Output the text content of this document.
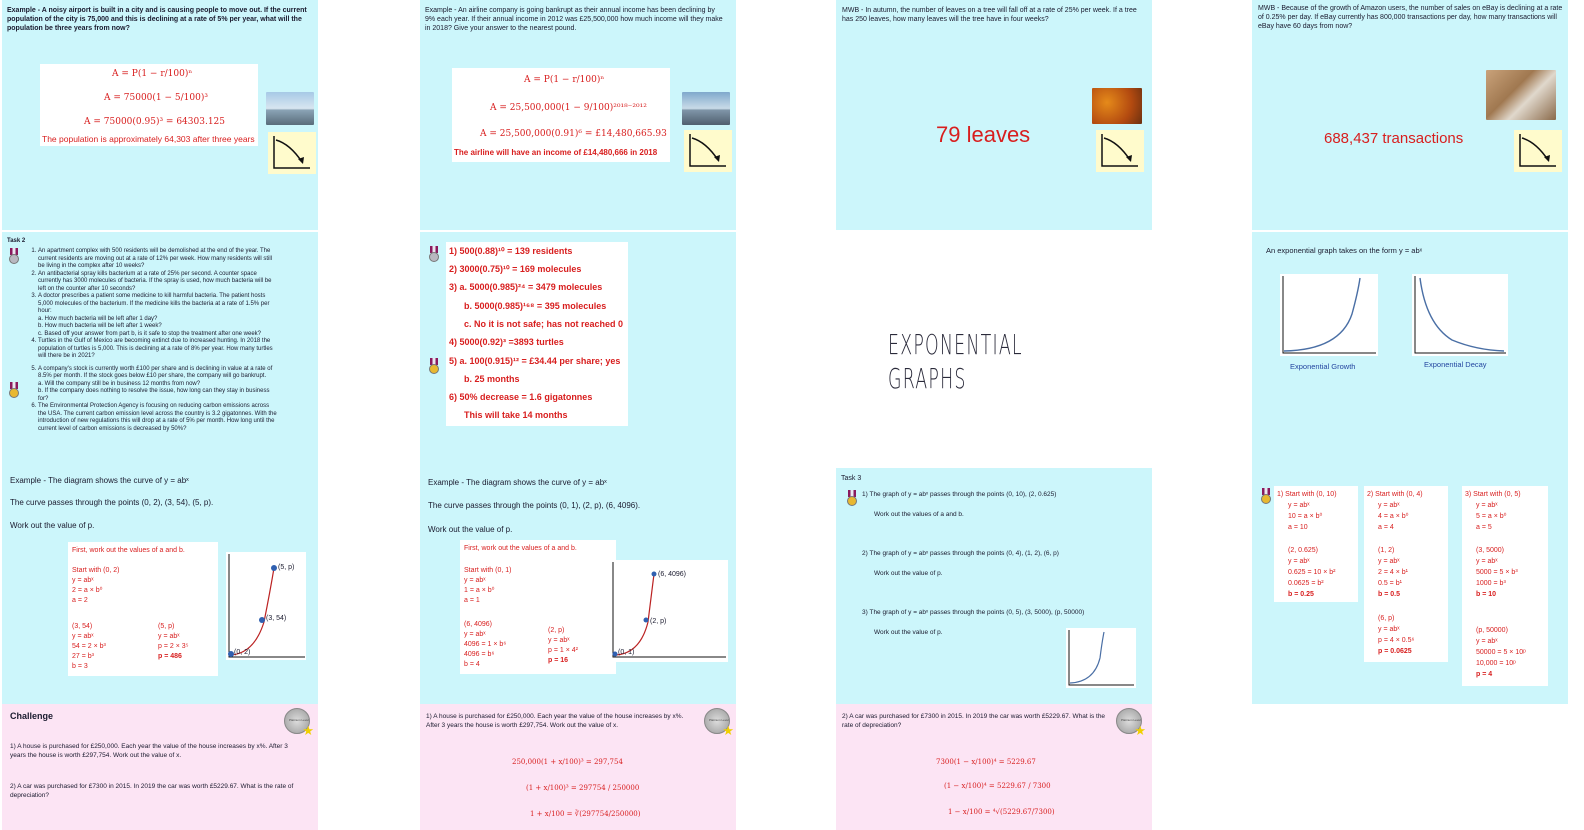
Example - A noisy airport is built in a city and is causing people to move out. If the current population of the city is 75,000 and this is declining at a rate of 5% per year, what will the population be three years from now?
A = P(1 − r/100)ⁿ
A = 75000(1 − 5/100)³
A = 75000(0.95)³ = 64303.125
The population is approximately 64,303 after three years
Task 2
1. An apartment complex with 500 residents will be demolished at the end of the year. The current residents are moving out at a rate of 12% per week. How many residents will still be living in the complex after 10 weeks?
2. An antibacterial spray kills bacterium at a rate of 25% per second. A counter space currently has 3000 molecules of bacteria. If the spray is used, how much bacteria will be left on the counter after 10 seconds?
3. A doctor prescribes a patient some medicine to kill harmful bacteria. The patient hosts 5,000 molecules of the bacterium. If the medicine kills the bacteria at a rate of 1.5% per hour:
a. How much bacteria will be left after 1 day?
b. How much bacteria will be left after 1 week?
c. Based off your answer from part b, is it safe to stop the treatment after one week?
4. Turtles in the Gulf of Mexico are becoming extinct due to increased hunting. In 2018 the population of turtles is 5,000. This is declining at a rate of 8% per year. How many turtles will there be in 2021?
5. A company's stock is currently worth £100 per share and is declining in value at a rate of 8.5% per month. If the stock goes below £10 per share, the company will go bankrupt.
a. Will the company still be in business 12 months from now?
b. If the company does nothing to resolve the issue, how long can they stay in business for?
6. The Environmental Protection Agency is focusing on reducing carbon emissions across the USA. The current carbon emission level across the country is 3.2 gigatonnes. With the introduction of new regulations this will drop at a rate of 5% per month. How long until the current level of carbon emissions is decreased by 50%?
Example - The diagram shows the curve of y = abˣ
The curve passes through the points (0, 2), (3, 54), (5, p).
Work out the value of p.
First, work out the values of a and b.
Start with (0, 2)
y = abˣ
2 = a × b⁰
a = 2
(3, 54)
y = abˣ
54 = 2 × b³
27 = b³
b = 3
(5, p)
y = abˣ
p = 2 × 3⁵
p = 486
(5, p)
(3, 54)
(0, 2)
Challenge	Platinum Level
★
1) A house is purchased for £250,000. Each year the value of the house increases by x%. After 3 years the house is worth £297,754. Work out the value of x.
2) A car was purchased for £7300 in 2015. In 2019 the car was worth £5229.67. What is the rate of depreciation?
Example - An airline company is going bankrupt as their annual income has been declining by 9% each year. If their annual income in 2012 was £25,500,000 how much income will they make in 2018? Give your answer to the nearest pound.
A = P(1 − r/100)ⁿ
A = 25,500,000(1 − 9/100)²⁰¹⁸⁻²⁰¹²
A = 25,500,000(0.91)⁶ = £14,480,665.93
The airline will have an income of £14,480,666 in 2018
1) 500(0.88)¹⁰ = 139 residents
2) 3000(0.75)¹⁰ = 169 molecules
3) a. 5000(0.985)²⁴ = 3479 molecules
b. 5000(0.985)¹⁶⁸ = 395 molecules
c. No it is not safe; has not reached 0
4) 5000(0.92)³ =3893 turtles
5) a. 100(0.915)¹² = £34.44 per share; yes
b. 25 months
6) 50% decrease = 1.6 gigatonnes
This will take 14 months
Example - The diagram shows the curve of y = abˣ
The curve passes through the points (0, 1), (2, p), (6, 4096).
Work out the value of p.
First, work out the values of a and b.
Start with (0, 1)
y = abˣ
1 = a × b⁰
a = 1
(6, 4096)
y = abˣ
4096 = 1 × b⁶
4096 = b⁶
b = 4
(2, p)
y = abˣ
p = 1 × 4²
p = 16
(6, 4096)
(2, p)
(0, 1)
1) A house is purchased for £250,000. Each year the value of the house increases by x%. After 3 years the house is worth £297,754. Work out the value of x.
Platinum Level
★
250,000(1 + x/100)³ = 297,754
(1 + x/100)³ = 297754 / 250000
1 + x/100 = ∛(297754/250000)
MWB - In autumn, the number of leaves on a tree will fall off at a rate of 25% per week. If a tree has 250 leaves, how many leaves will the tree have in four weeks?
79 leaves
EXPONENTIAL GRAPHS
Task 3
1) The graph of y = abˣ passes through the points (0, 10), (2, 0.625)
Work out the values of a and b.
2) The graph of y = abˣ passes through the points (0, 4), (1, 2), (6, p)
Work out the value of p.
3) The graph of y = abˣ passes through the points (0, 5), (3, 5000), (p, 50000)
Work out the value of p.
2) A car was purchased for £7300 in 2015. In 2019 the car was worth £5229.67. What is the rate of depreciation?
Platinum Level
★
7300(1 − x/100)⁴ = 5229.67
(1 − x/100)⁴ = 5229.67 / 7300
1 − x/100 = ⁴√(5229.67/7300)
MWB - Because of the growth of Amazon users, the number of sales on eBay is declining at a rate of 0.25% per day. If eBay currently has 800,000 transactions per day, how many transactions will eBay have 60 days from now?
688,437 transactions
An exponential graph takes on the form y = abˣ
Exponential Growth	Exponential Decay
1) Start with (0, 10)
y = abˣ
10 = a × b⁰
a = 10
(2, 0.625)
y = abˣ
0.625 = 10 × b²
0.0625 = b²
b = 0.25
2) Start with (0, 4)
y = abˣ
4 = a × b⁰
a = 4
(1, 2)
y = abˣ
2 = 4 × b¹
0.5 = b¹
b = 0.5
(6, p)
y = abˣ
p = 4 × 0.5⁶
p = 0.0625
3) Start with (0, 5)
y = abˣ
5 = a × b⁰
a = 5
(3, 5000)
y = abˣ
5000 = 5 × b³
1000 = b³
b = 10
(p, 50000)
y = abˣ
50000 = 5 × 10ᵖ
10,000 = 10ᵖ
p = 4
